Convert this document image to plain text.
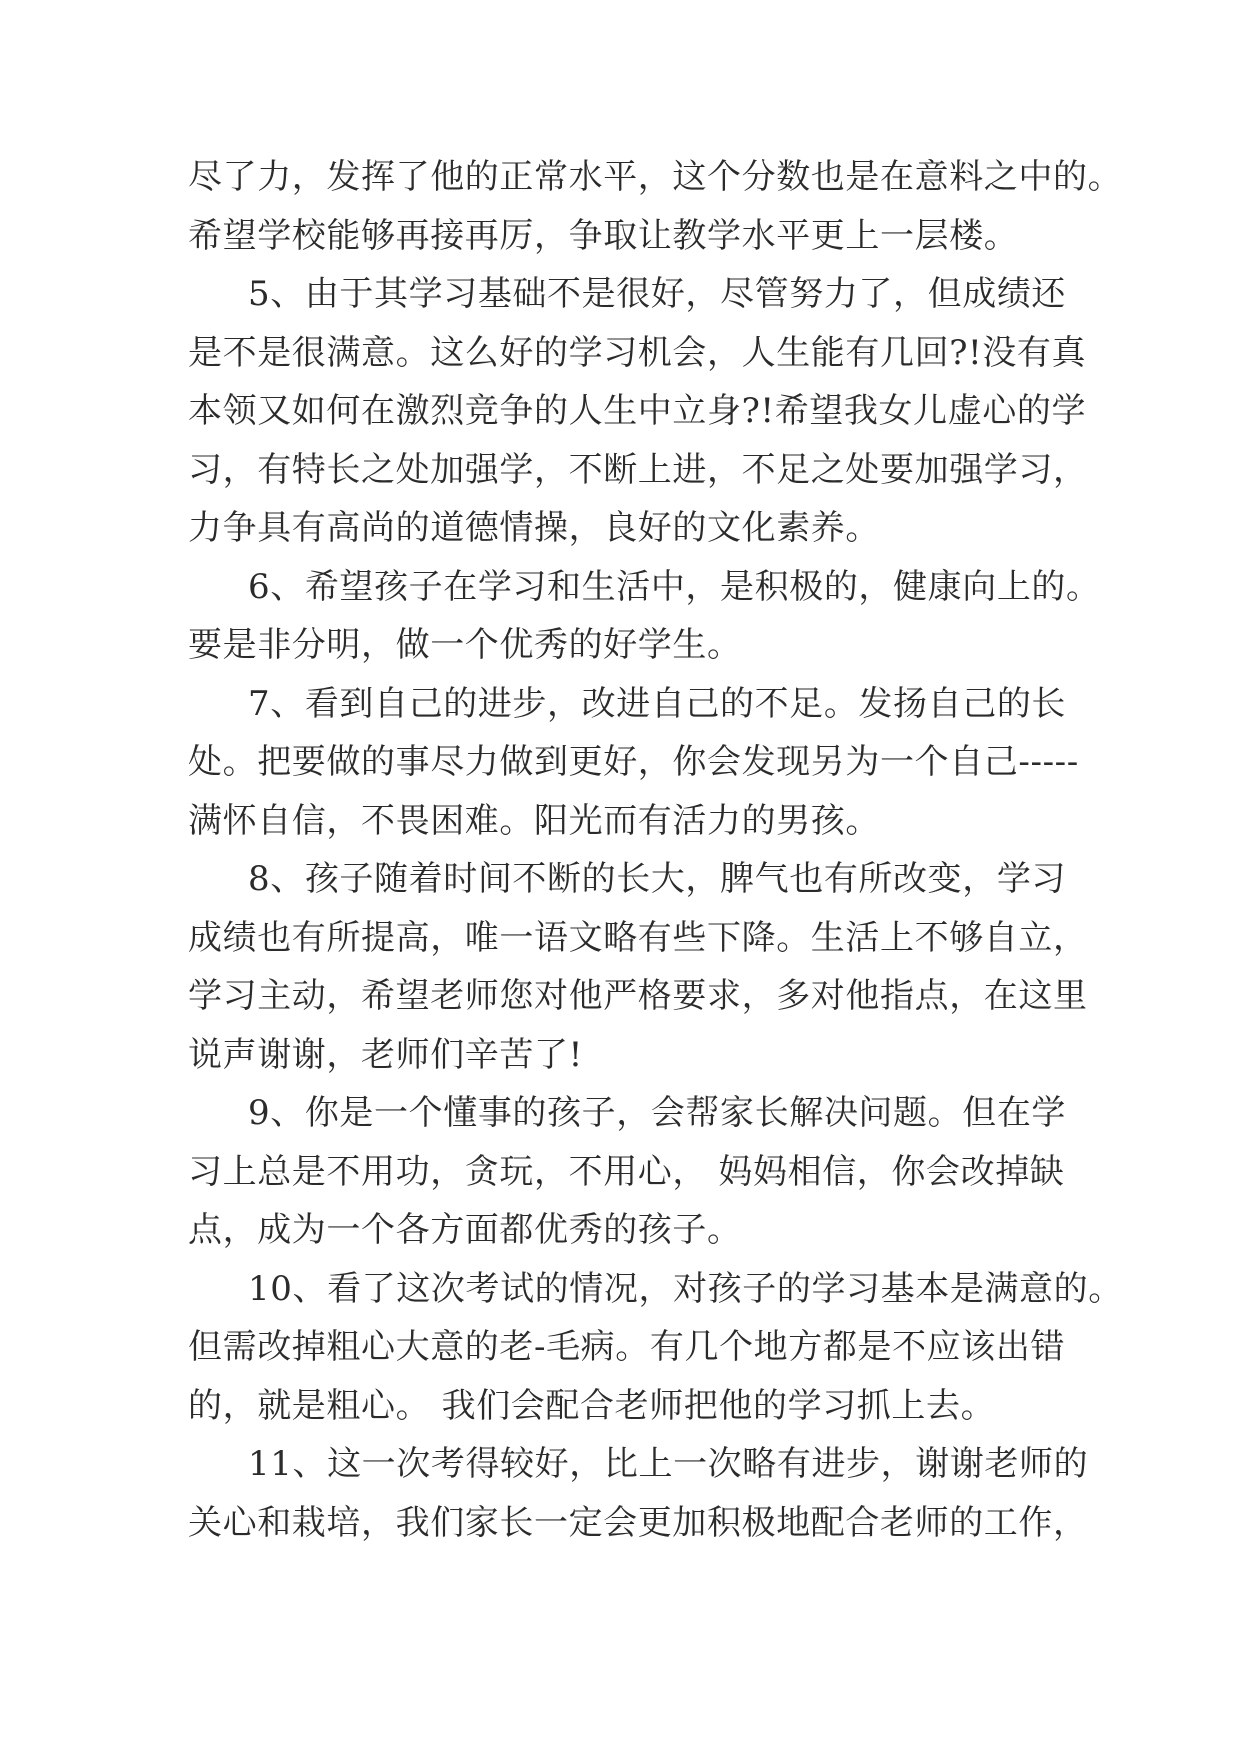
尽了力，发挥了他的正常水平，这个分数也是在意料之中的。
希望学校能够再接再厉，争取让教学水平更上一层楼。
5、由于其学习基础不是很好，尽管努力了，但成绩还
是不是很满意。这么好的学习机会，人生能有几回?!没有真
本领又如何在激烈竞争的人生中立身?!希望我女儿虚心的学
习，有特长之处加强学，不断上进，不足之处要加强学习，
力争具有高尚的道德情操，良好的文化素养。
6、希望孩子在学习和生活中，是积极的，健康向上的。
要是非分明，做一个优秀的好学生。
7、看到自己的进步，改进自己的不足。发扬自己的长
处。把要做的事尽力做到更好，你会发现另为一个自己-----
满怀自信，不畏困难。阳光而有活力的男孩。
8、孩子随着时间不断的长大，脾气也有所改变，学习
成绩也有所提高，唯一语文略有些下降。生活上不够自立，
学习主动，希望老师您对他严格要求，多对他指点，在这里
说声谢谢，老师们辛苦了!
9、你是一个懂事的孩子，会帮家长解决问题。但在学
习上总是不用功，贪玩，不用心， 妈妈相信，你会改掉缺
点，成为一个各方面都优秀的孩子。
10、看了这次考试的情况，对孩子的学习基本是满意的。
但需改掉粗心大意的老-毛病。有几个地方都是不应该出错
的，就是粗心。 我们会配合老师把他的学习抓上去。
11、这一次考得较好，比上一次略有进步，谢谢老师的
关心和栽培，我们家长一定会更加积极地配合老师的工作，
